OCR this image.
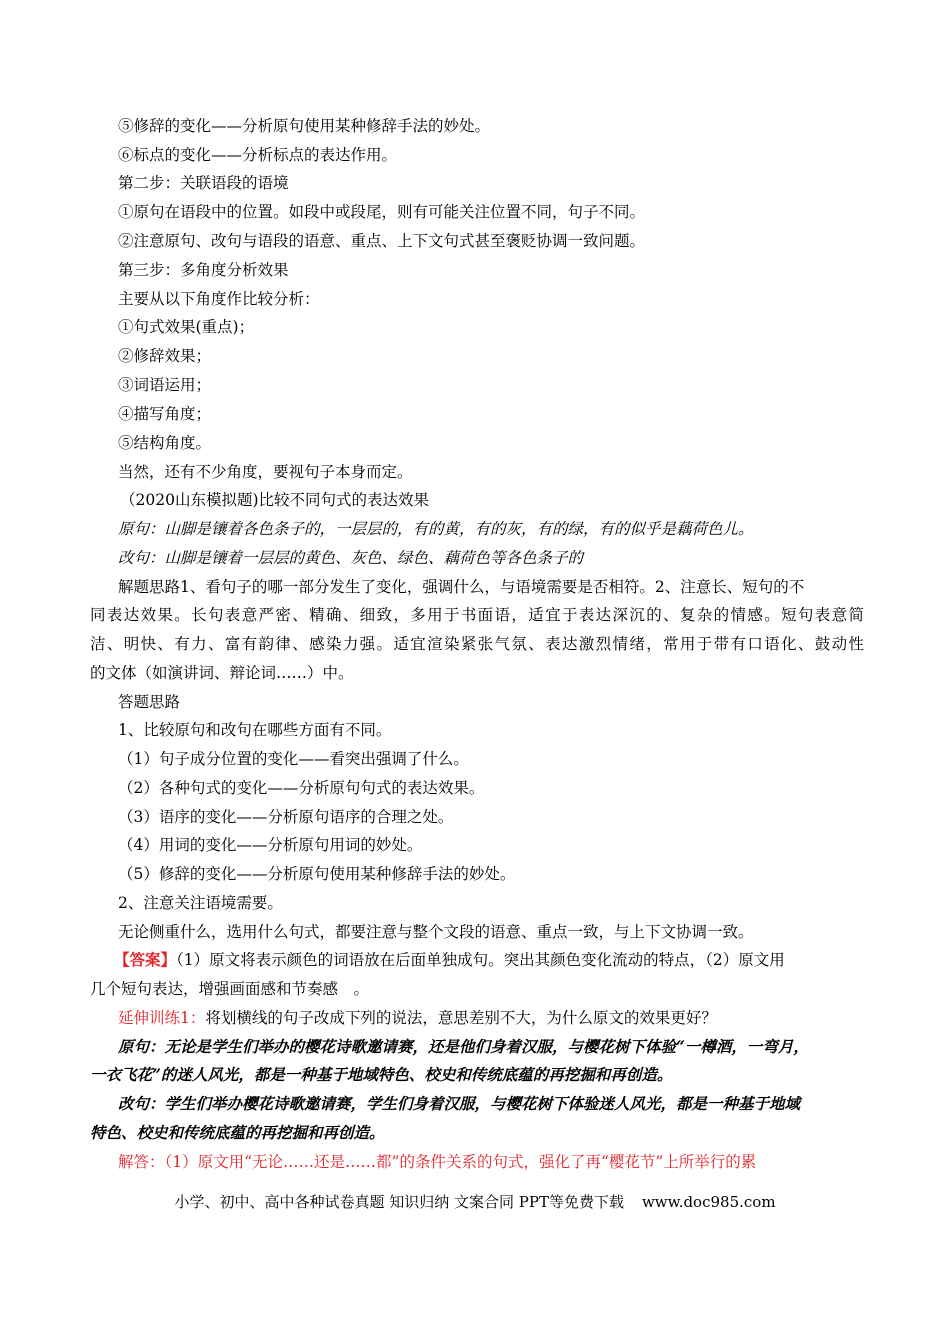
⑤修辞的变化——分析原句使用某种修辞手法的妙处。
⑥标点的变化——分析标点的表达作用。
第二步：关联语段的语境
①原句在语段中的位置。如段中或段尾，则有可能关注位置不同，句子不同。
②注意原句、改句与语段的语意、重点、上下文句式甚至褒贬协调一致问题。
第三步：多角度分析效果
主要从以下角度作比较分析：
①句式效果(重点)；
②修辞效果；
③词语运用；
④描写角度；
⑤结构角度。
当然，还有不少角度，要视句子本身而定。
（2020山东模拟题)比较不同句式的表达效果
原句：山脚是镶着各色条子的，一层层的，有的黄，有的灰，有的绿，有的似乎是藕荷色儿。
改句：山脚是镶着一层层的黄色、灰色、绿色、藕荷色等各色条子的
解题思路1、看句子的哪一部分发生了变化，强调什么，与语境需要是否相符。2、注意长、短句的不
同表达效果。长句表意严密、精确、细致，多用于书面语，适宜于表达深沉的、复杂的情感。短句表意简
洁、明快、有力、富有韵律、感染力强。适宜渲染紧张气氛、表达激烈情绪，常用于带有口语化、鼓动性
的文体（如演讲词、辩论词……）中。
答题思路
1、比较原句和改句在哪些方面有不同。
（1）句子成分位置的变化——看突出强调了什么。
（2）各种句式的变化——分析原句句式的表达效果。
（3）语序的变化——分析原句语序的合理之处。
（4）用词的变化——分析原句用词的妙处。
（5）修辞的变化——分析原句使用某种修辞手法的妙处。
2、注意关注语境需要。
无论侧重什么，选用什么句式，都要注意与整个文段的语意、重点一致，与上下文协调一致。
【答案】（1）原文将表示颜色的词语放在后面单独成句。突出其颜色变化流动的特点，（2）原文用
几个短句表达，增强画面感和节奏感　。
延伸训练1：将划横线的句子改成下列的说法，意思差别不大，为什么原文的效果更好？
原句：无论是学生们举办的樱花诗歌邀请赛，还是他们身着汉服，与樱花树下体验“一樽酒，一弯月，
一衣飞花”的迷人风光，都是一种基于地域特色、校史和传统底蕴的再挖掘和再创造。
改句：学生们举办樱花诗歌邀请赛，学生们身着汉服，与樱花树下体验迷人风光，都是一种基于地域
特色、校史和传统底蕴的再挖掘和再创造。
解答：（1）原文用“无论……还是……都”的条件关系的句式，强化了再“樱花节”上所举行的累
小学、初中、高中各种试卷真题 知识归纳 文案合同 PPT等免费下载 www.doc985.com
